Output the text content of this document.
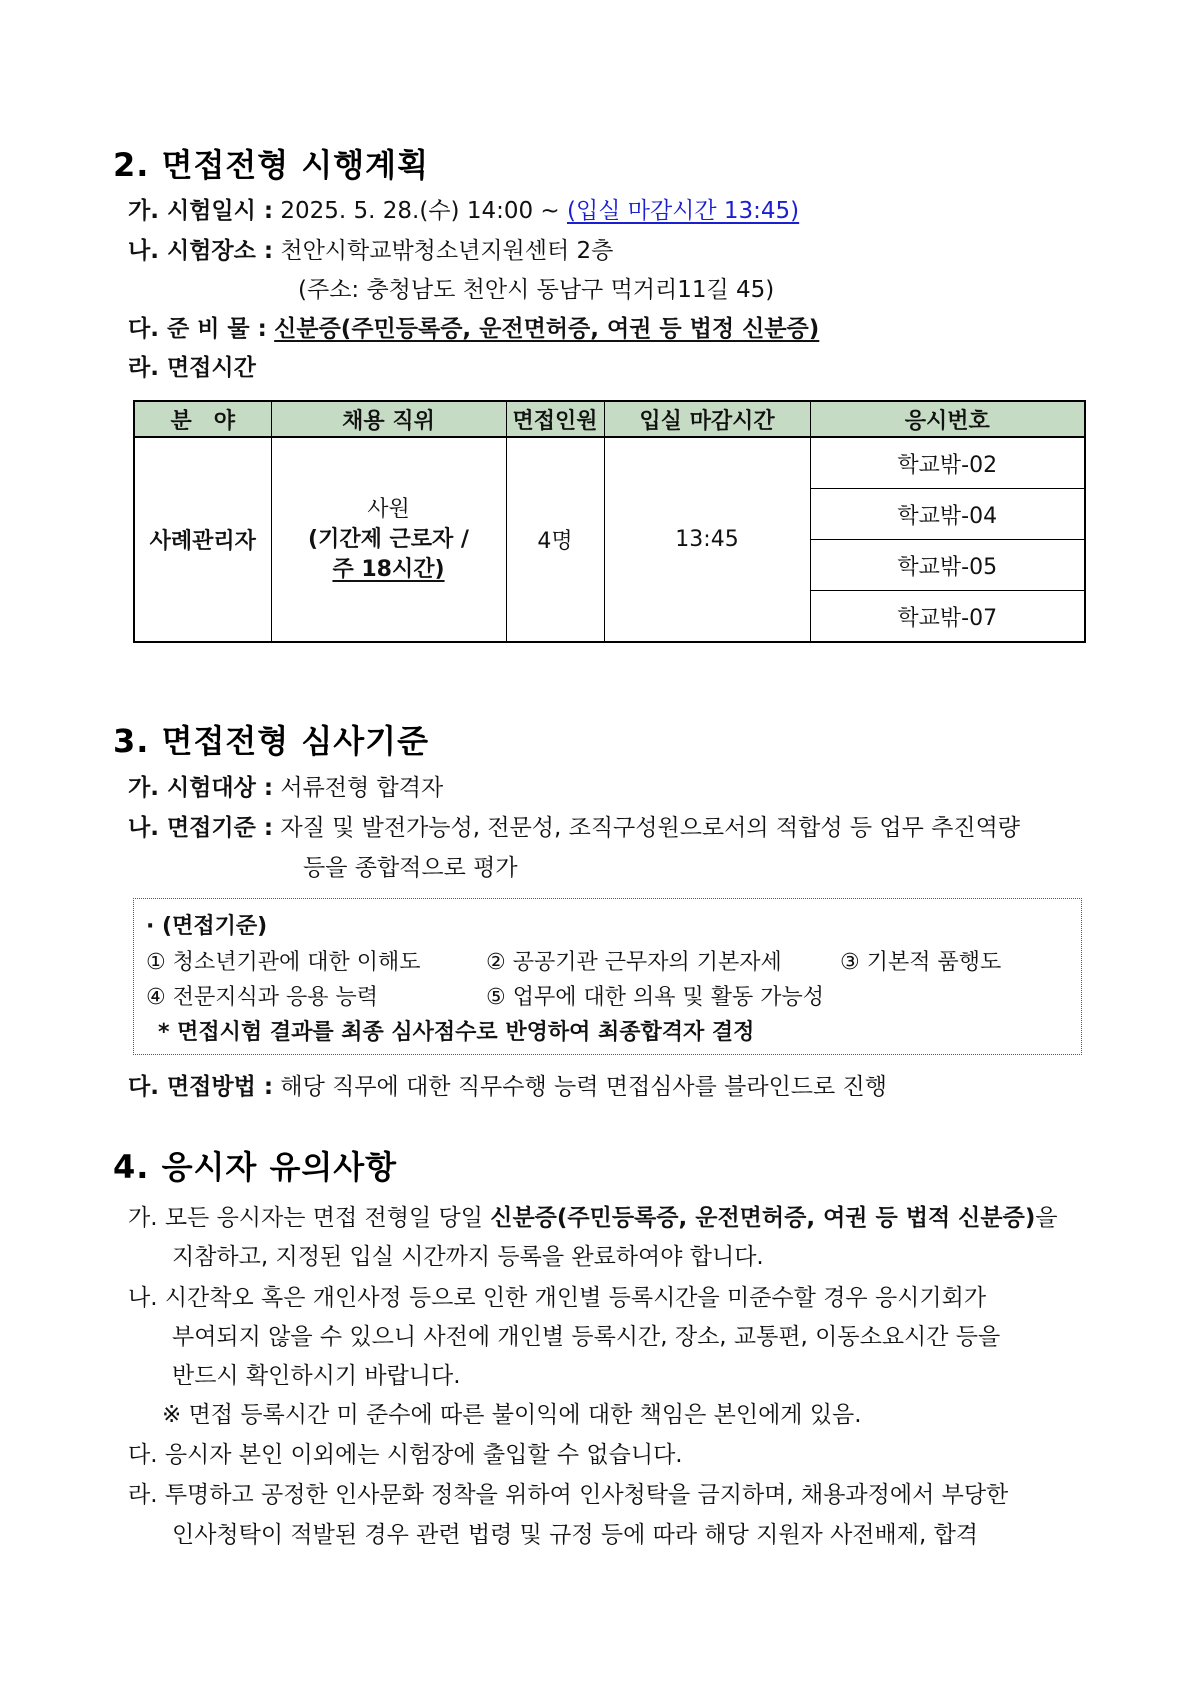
2. 면접전형 시행계획
가. 시험일시 : 2025. 5. 28.(수) 14:00 ~ (입실 마감시간 13:45)
나. 시험장소 : 천안시학교밖청소년지원센터 2층
(주소: 충청남도 천안시 동남구 먹거리11길 45)
다. 준 비 물 : 신분증(주민등록증, 운전면허증, 여권 등 법정 신분증)
라. 면접시간
분　야	채용 직위	면접인원	입실 마감시간	응시번호
사례관리자	사원
(기간제 근로자 /
주 18시간)	4명	13:45	학교밖-02
				학교밖-04
				학교밖-05
				학교밖-07
3. 면접전형 심사기준
가. 시험대상 : 서류전형 합격자
나. 면접기준 : 자질 및 발전가능성, 전문성, 조직구성원으로서의 적합성 등 업무 추진역량
등을 종합적으로 평가
· (면접기준)
① 청소년기관에 대한 이해도	② 공공기관 근무자의 기본자세	③ 기본적 품행도
④ 전문지식과 응용 능력	⑤ 업무에 대한 의욕 및 활동 가능성
* 면접시험 결과를 최종 심사점수로 반영하여 최종합격자 결정
다. 면접방법 : 해당 직무에 대한 직무수행 능력 면접심사를 블라인드로 진행
4. 응시자 유의사항
가. 모든 응시자는 면접 전형일 당일 신분증(주민등록증, 운전면허증, 여권 등 법적 신분증)을
지참하고, 지정된 입실 시간까지 등록을 완료하여야 합니다.
나. 시간착오 혹은 개인사정 등으로 인한 개인별 등록시간을 미준수할 경우 응시기회가
부여되지 않을 수 있으니 사전에 개인별 등록시간, 장소, 교통편, 이동소요시간 등을
반드시 확인하시기 바랍니다.
※ 면접 등록시간 미 준수에 따른 불이익에 대한 책임은 본인에게 있음.
다. 응시자 본인 이외에는 시험장에 출입할 수 없습니다.
라. 투명하고 공정한 인사문화 정착을 위하여 인사청탁을 금지하며, 채용과정에서 부당한
인사청탁이 적발된 경우 관련 법령 및 규정 등에 따라 해당 지원자 사전배제, 합격
